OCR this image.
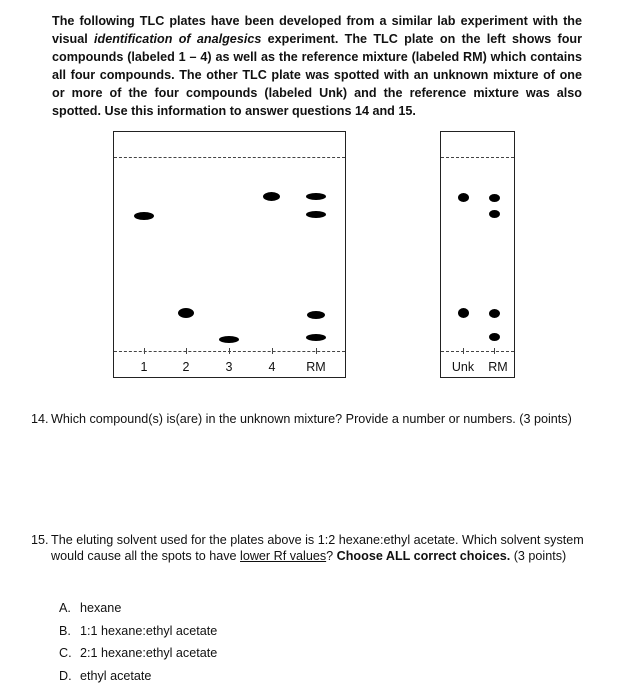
The following TLC plates have been developed from a similar lab experiment with the visual identification of analgesics experiment. The TLC plate on the left shows four compounds (labeled 1 – 4) as well as the reference mixture (labeled RM) which contains all four compounds. The other TLC plate was spotted with an unknown mixture of one or more of the four compounds (labeled Unk) and the reference mixture was also spotted. Use this information to answer questions 14 and 15.
1	2	3	4 RM	Unk RM
14. Which compound(s) is(are) in the unknown mixture? Provide a number or numbers. (3 points)
15. The eluting solvent used for the plates above is 1:2 hexane:ethyl acetate. Which solvent system would cause all the spots to have lower Rf values? Choose ALL correct choices. (3 points)
A. hexane
B. 1:1 hexane:ethyl acetate
C. 2:1 hexane:ethyl acetate
D. ethyl acetate
